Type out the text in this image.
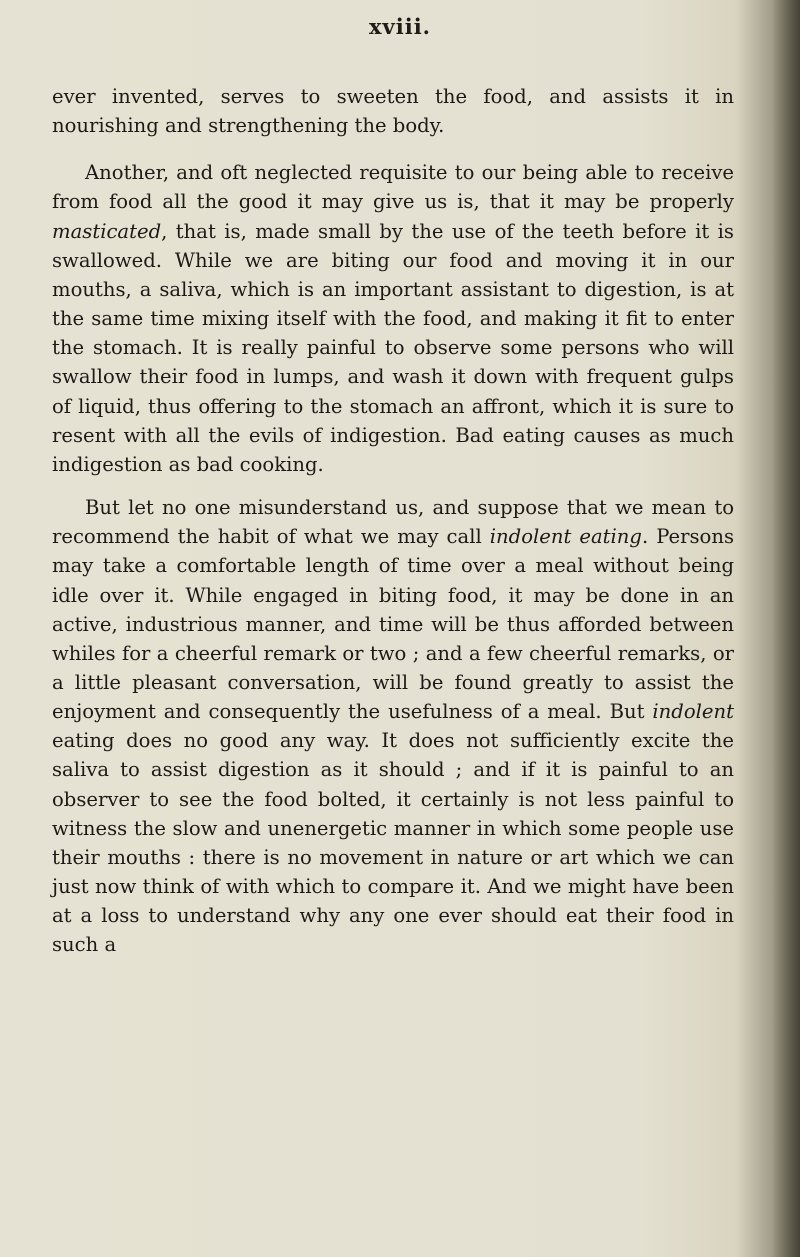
xviii.

ever invented, serves to sweeten the food, and assists it in nourishing and strengthening the body.

Another, and oft neglected requisite to our being able to receive from food all the good it may give us is, that it may be properly masticated, that is, made small by the use of the teeth before it is swallowed. While we are biting our food and moving it in our mouths, a saliva, which is an important assistant to digestion, is at the same time mixing itself with the food, and making it fit to enter the stomach. It is really painful to observe some persons who will swallow their food in lumps, and wash it down with frequent gulps of liquid, thus offering to the stomach an affront, which it is sure to resent with all the evils of indigestion. Bad eating causes as much indigestion as bad cooking.

But let no one misunderstand us, and suppose that we mean to recommend the habit of what we may call indolent eating. Persons may take a comfortable length of time over a meal without being idle over it. While engaged in biting food, it may be done in an active, industrious manner, and time will be thus afforded between whiles for a cheerful remark or two ; and a few cheerful remarks, or a little pleasant conversation, will be found greatly to assist the enjoyment and consequently the usefulness of a meal. But indolent eating does no good any way. It does not sufficiently excite the saliva to assist digestion as it should ; and if it is painful to an observer to see the food bolted, it certainly is not less painful to witness the slow and unenergetic manner in which some people use their mouths : there is no movement in nature or art which we can just now think of with which to compare it. And we might have been at a loss to understand why any one ever should eat their food in such a
